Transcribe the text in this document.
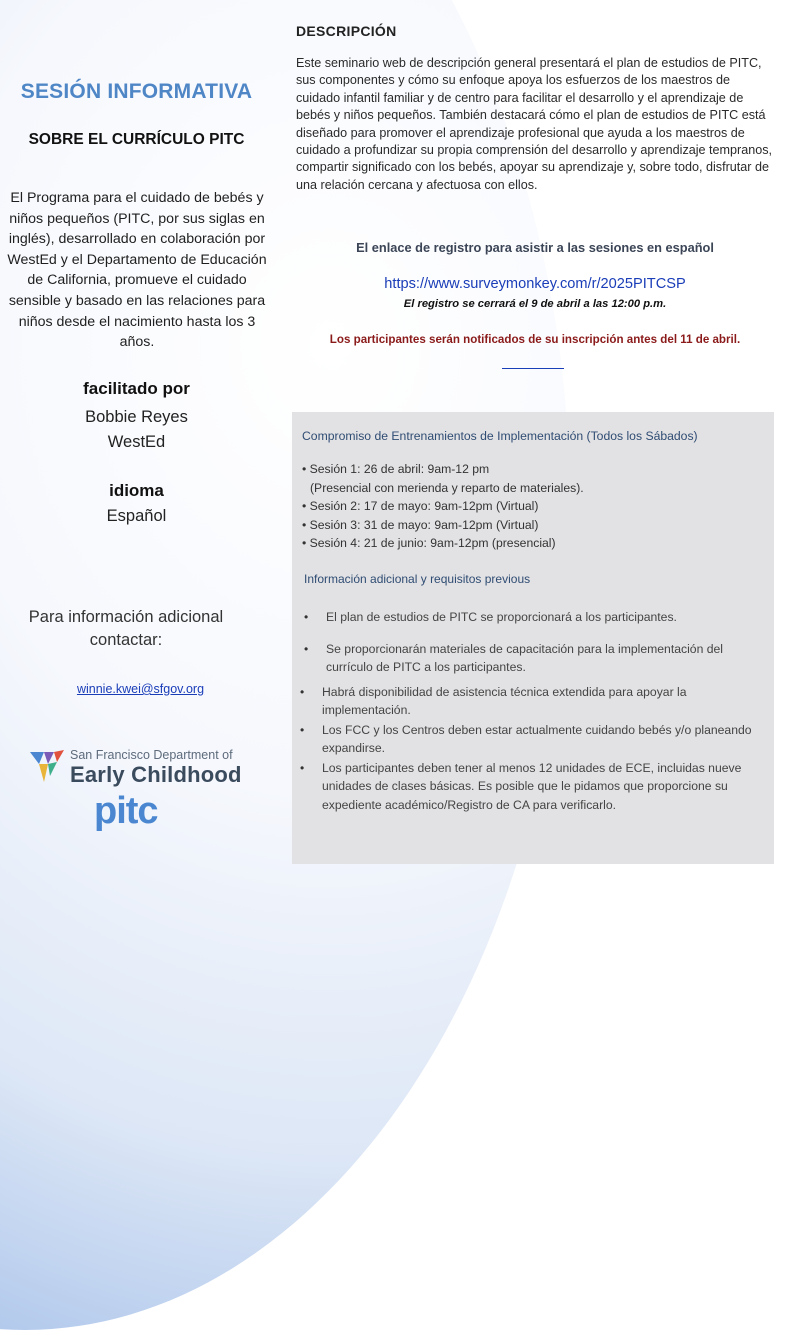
SESIÓN INFORMATIVA
SOBRE EL CURRÍCULO PITC
El Programa para el cuidado de bebés y niños pequeños (PITC, por sus siglas en inglés), desarrollado en colaboración por WestEd y el Departamento de Educación de California, promueve el cuidado sensible y basado en las relaciones para niños desde el nacimiento hasta los 3 años.
facilitado por
Bobbie Reyes
WestEd
idioma
Español
Para información adicional
contactar:
winnie.kwei@sfgov.org
San Francisco Department of
Early Childhood
pitc
DESCRIPCIÓN
Este seminario web de descripción general presentará el plan de estudios de PITC, sus componentes y cómo su enfoque apoya los esfuerzos de los maestros de cuidado infantil familiar y de centro para facilitar el desarrollo y el aprendizaje de bebés y niños pequeños. También destacará cómo el plan de estudios de PITC está diseñado para promover el aprendizaje profesional que ayuda a los maestros de cuidado a profundizar su propia comprensión del desarrollo y aprendizaje tempranos, compartir significado con los bebés, apoyar su aprendizaje y, sobre todo, disfrutar de una relación cercana y afectuosa con ellos.
El enlace de registro para asistir a las sesiones en español
https://www.surveymonkey.com/r/2025PITCSP
El registro se cerrará el 9 de abril a las 12:00 p.m.
Los participantes serán notificados de su inscripción antes del 11 de abril.
Compromiso de Entrenamientos de Implementación (Todos los Sábados)
• Sesión 1: 26 de abril: 9am-12 pm
(Presencial con merienda y reparto de materiales).
• Sesión 2: 17 de mayo: 9am-12pm (Virtual)
• Sesión 3: 31 de mayo: 9am-12pm (Virtual)
• Sesión 4: 21 de junio: 9am-12pm (presencial)
Información adicional y requisitos previous
• El plan de estudios de PITC se proporcionará a los participantes.
• Se proporcionarán materiales de capacitación para la implementación del currículo de PITC a los participantes.
• Habrá disponibilidad de asistencia técnica extendida para apoyar la implementación.
• Los FCC y los Centros deben estar actualmente cuidando bebés y/o planeando expandirse.
• Los participantes deben tener al menos 12 unidades de ECE, incluidas nueve unidades de clases básicas. Es posible que le pidamos que proporcione su expediente académico/Registro de CA para verificarlo.
